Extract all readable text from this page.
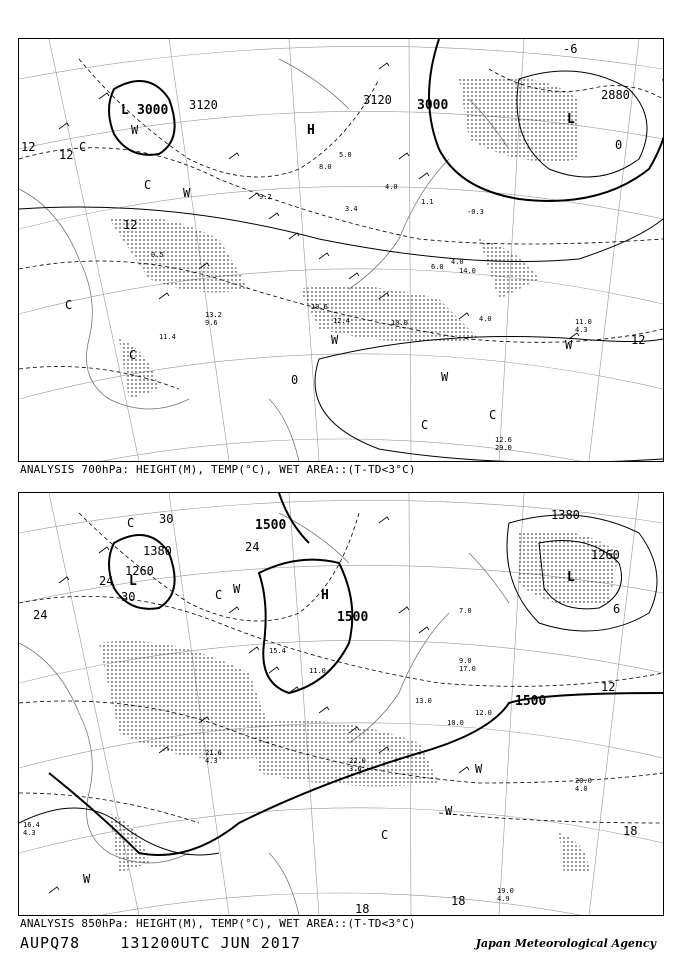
3000 3120	3000
2880
3120
12
12
12
0
-6
12
0
L
H
L
W
C
C
C
W
C
C
W
C
W
W
12.6
29.0
11.0
4.3
10.0	4.0
12.4
10.6
13.2
9.6
11.4
4.0
9.2
8.0
5.0
14.0
3.4
6.0
0.5
-0.3
4.0
1.1
ANALYSIS 700hPa: HEIGHT(M), TEMP(°C), WET AREA::(T-TD<3°C)
1500
1380
1260
1500
1380
1260
1500
30
24
24
24
30
12
18
18
18
6
L
H
L
C W
C
W
W
C
W
19.0
4.9
20.0
4.0
16.4
4.3
21.6
4.3
12.0
10.0
9.0
17.0
15.4
11.0
13.0
7.0
22.0
3.6
ANALYSIS 850hPa: HEIGHT(M), TEMP(°C), WET AREA::(T-TD<3°C)
AUPQ78	131200UTC JUN 2017	Japan Meteorological Agency
